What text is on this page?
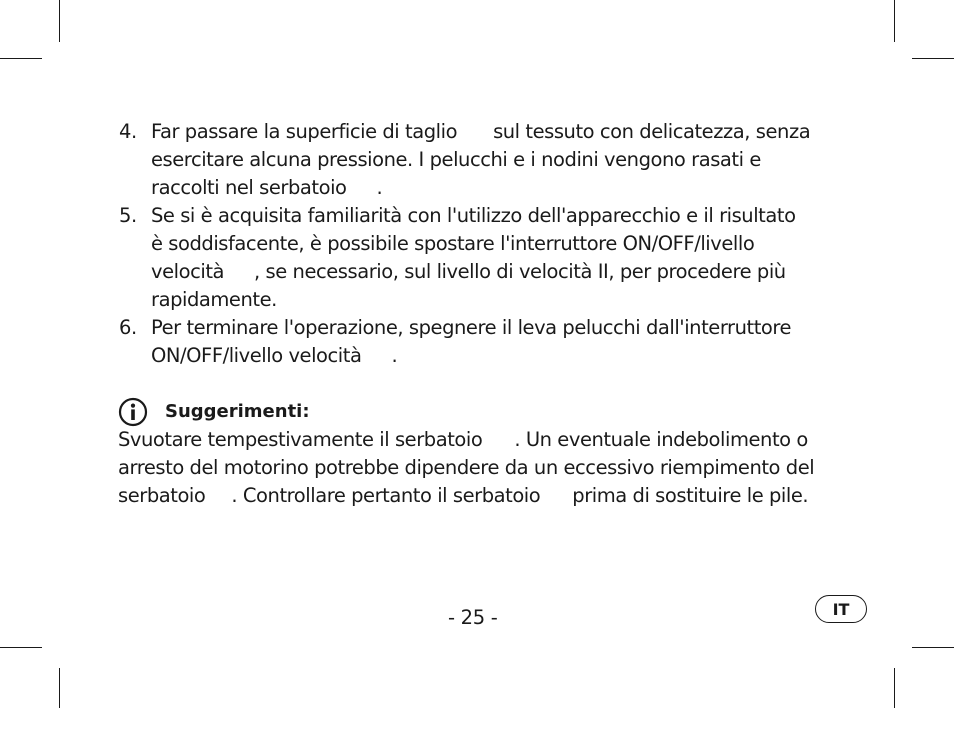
4. Far passare la superficie di taglio sul tessuto con delicatezza, senza
esercitare alcuna pressione. I pelucchi e i nodini vengono rasati e
raccolti nel serbatoio .
5. Se si è acquisita familiarità con l'utilizzo dell'apparecchio e il risultato
è soddisfacente, è possibile spostare l'interruttore ON/OFF/livello
velocità , se necessario, sul livello di velocità II, per procedere più
rapidamente.
6. Per terminare l'operazione, spegnere il leva pelucchi dall'interruttore
ON/OFF/livello velocità .
Suggerimenti:

Svuotare tempestivamente il serbatoio . Un eventuale indebolimento o
arresto del motorino potrebbe dipendere da un eccessivo riempimento del
serbatoio . Controllare pertanto il serbatoio prima di sostituire le pile.

- 25 -	IT
